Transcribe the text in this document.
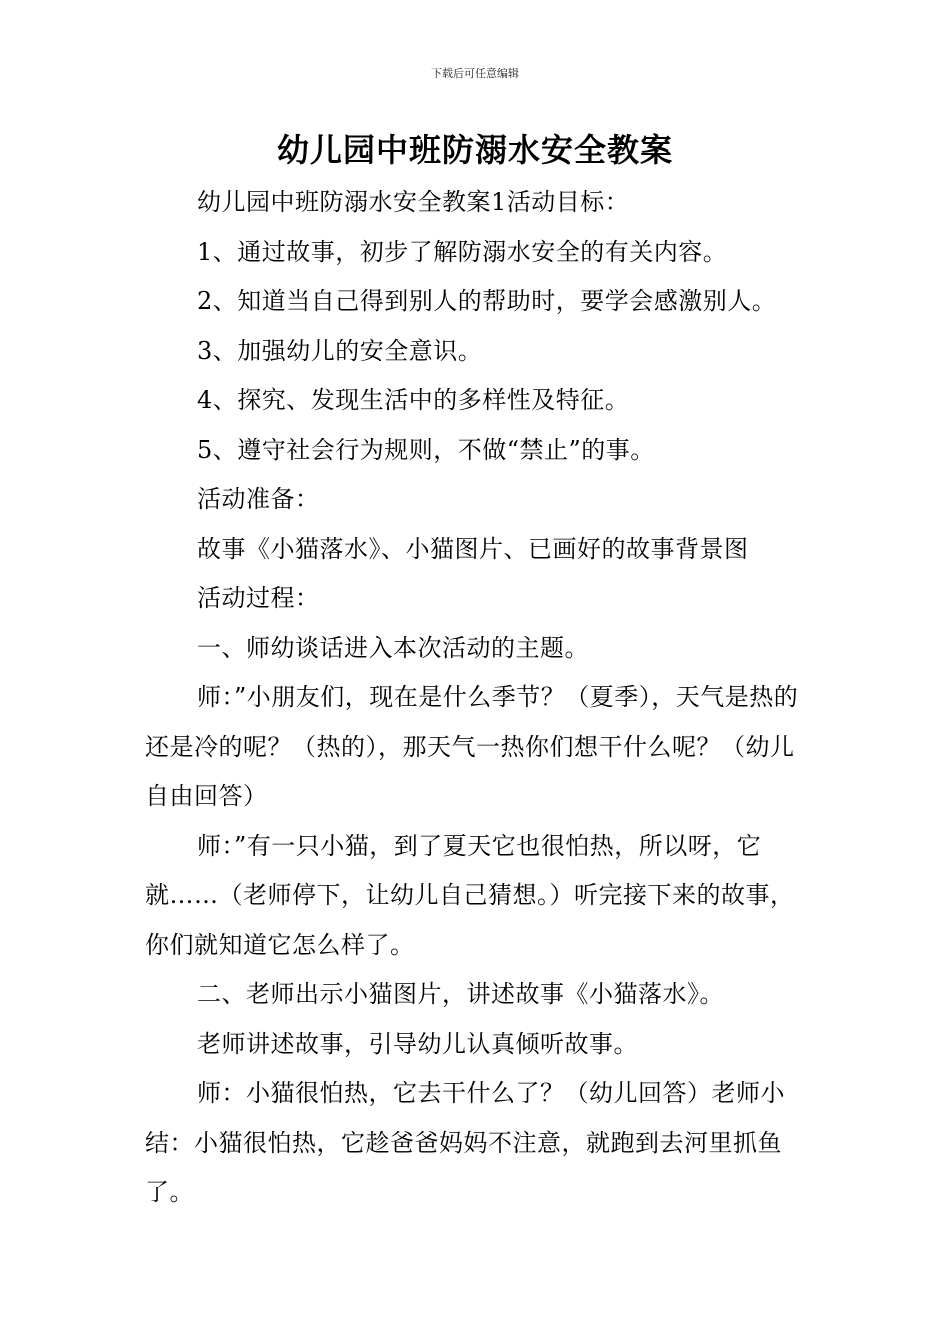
下载后可任意编辑
幼儿园中班防溺水安全教案

幼儿园中班防溺水安全教案1活动目标：

1、通过故事，初步了解防溺水安全的有关内容。

2、知道当自己得到别人的帮助时，要学会感激别人。

3、加强幼儿的安全意识。

4、探究、发现生活中的多样性及特征。

5、遵守社会行为规则，不做“禁止”的事。

活动准备：

故事《小猫落水》、小猫图片、已画好的故事背景图

活动过程：

一、师幼谈话进入本次活动的主题。

师：”小朋友们，现在是什么季节？（夏季），天气是热的还是冷的呢？（热的），那天气一热你们想干什么呢？（幼儿自由回答）

师：”有一只小猫，到了夏天它也很怕热，所以呀，它就……（老师停下，让幼儿自己猜想。）听完接下来的故事，你们就知道它怎么样了。

二、老师出示小猫图片，讲述故事《小猫落水》。

老师讲述故事，引导幼儿认真倾听故事。

师：小猫很怕热，它去干什么了？（幼儿回答）老师小结：小猫很怕热，它趁爸爸妈妈不注意，就跑到去河里抓鱼了。
